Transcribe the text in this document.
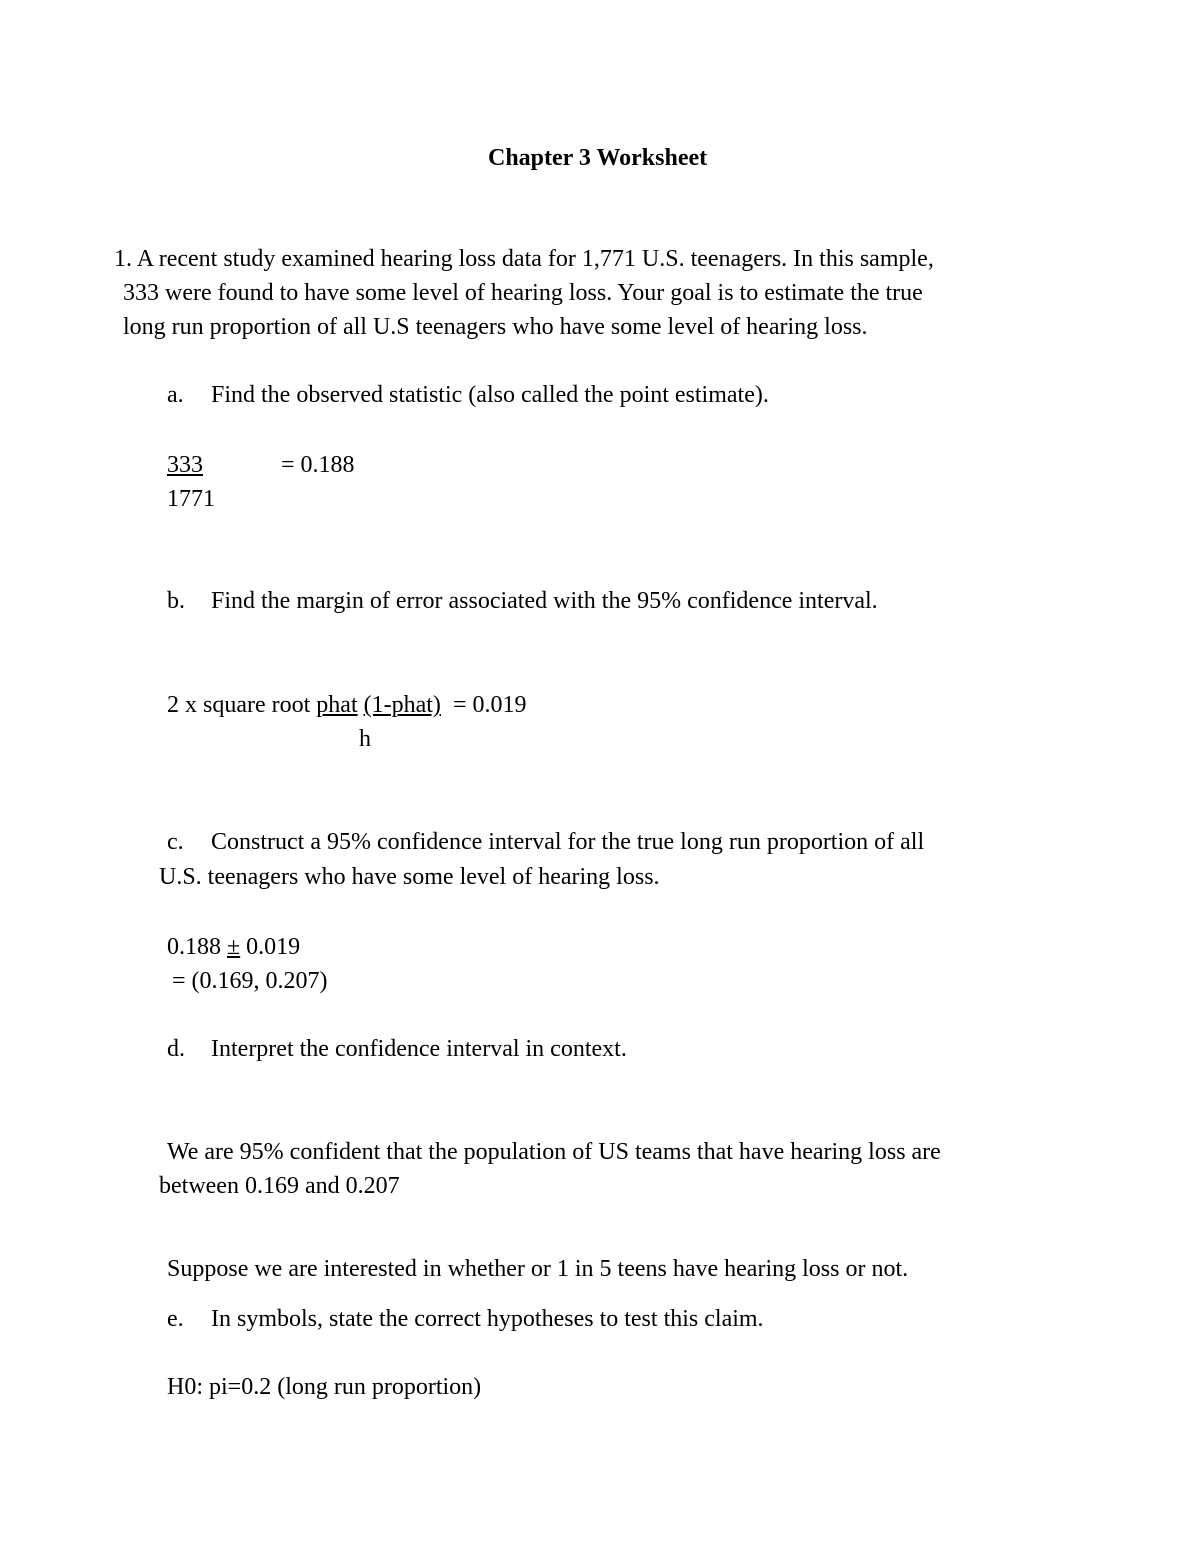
Chapter 3 Worksheet
1. A recent study examined hearing loss data for 1,771 U.S. teenagers. In this sample,
333 were found to have some level of hearing loss. Your goal is to estimate the true
long run proportion of all U.S teenagers who have some level of hearing loss.
a. Find the observed statistic (also called the point estimate).
333	= 0.188
1771
b. Find the margin of error associated with the 95% confidence interval.
2 x square root phat (1-phat) = 0.019
h
c. Construct a 95% confidence interval for the true long run proportion of all
U.S. teenagers who have some level of hearing loss.
0.188 ± 0.019
= (0.169, 0.207)
d. Interpret the confidence interval in context.
We are 95% confident that the population of US teams that have hearing loss are
between 0.169 and 0.207
Suppose we are interested in whether or 1 in 5 teens have hearing loss or not.
e. In symbols, state the correct hypotheses to test this claim.
H0: pi=0.2 (long run proportion)
